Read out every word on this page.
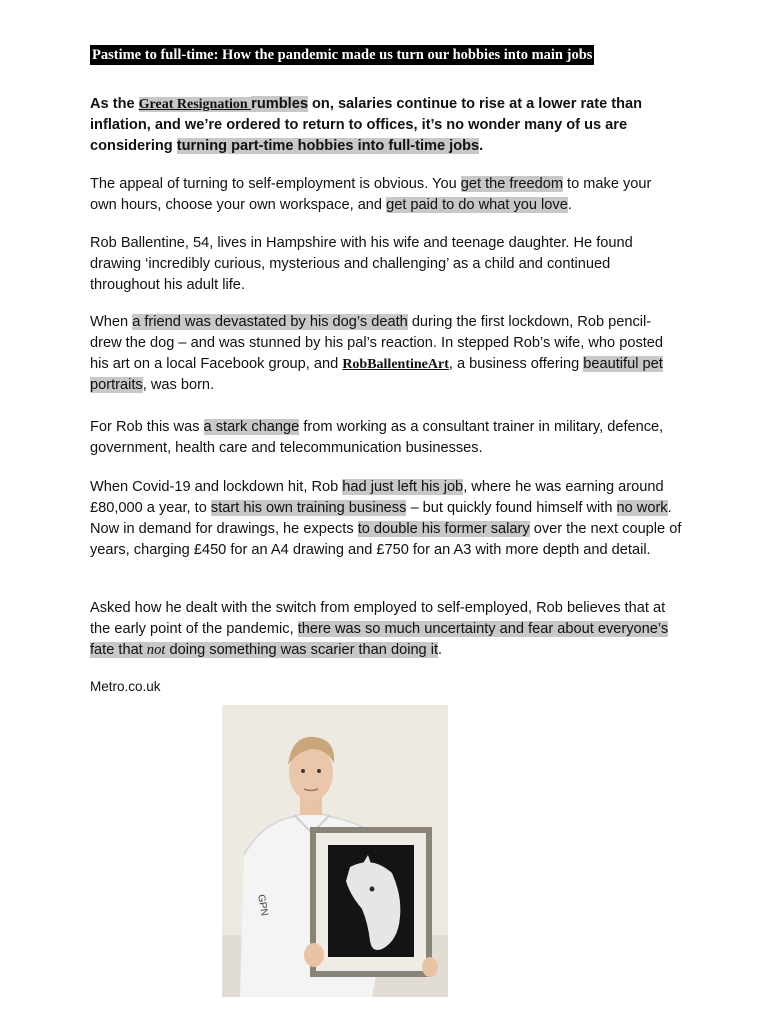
Pastime to full-time: How the pandemic made us turn our hobbies into main jobs

As the Great Resignation rumbles on, salaries continue to rise at a lower rate than inflation, and we’re ordered to return to offices, it’s no wonder many of us are considering turning part-time hobbies into full-time jobs.

The appeal of turning to self-employment is obvious. You get the freedom to make your own hours, choose your own workspace, and get paid to do what you love.

Rob Ballentine, 54, lives in Hampshire with his wife and teenage daughter. He found drawing ‘incredibly curious, mysterious and challenging’ as a child and continued throughout his adult life.

When a friend was devastated by his dog’s death during the first lockdown, Rob pencil-drew the dog – and was stunned by his pal’s reaction. In stepped Rob’s wife, who posted his art on a local Facebook group, and RobBallentineArt, a business offering beautiful pet portraits, was born.

For Rob this was a stark change from working as a consultant trainer in military, defence, government, health care and telecommunication businesses.

When Covid-19 and lockdown hit, Rob had just left his job, where he was earning around £80,000 a year, to start his own training business – but quickly found himself with no work. Now in demand for drawings, he expects to double his former salary over the next couple of years, charging £450 for an A4 drawing and £750 for an A3 with more depth and detail.

Asked how he dealt with the switch from employed to self-employed, Rob believes that at the early point of the pandemic, there was so much uncertainty and fear about everyone’s fate that not doing something was scarier than doing it.

Metro.co.uk
GPN
